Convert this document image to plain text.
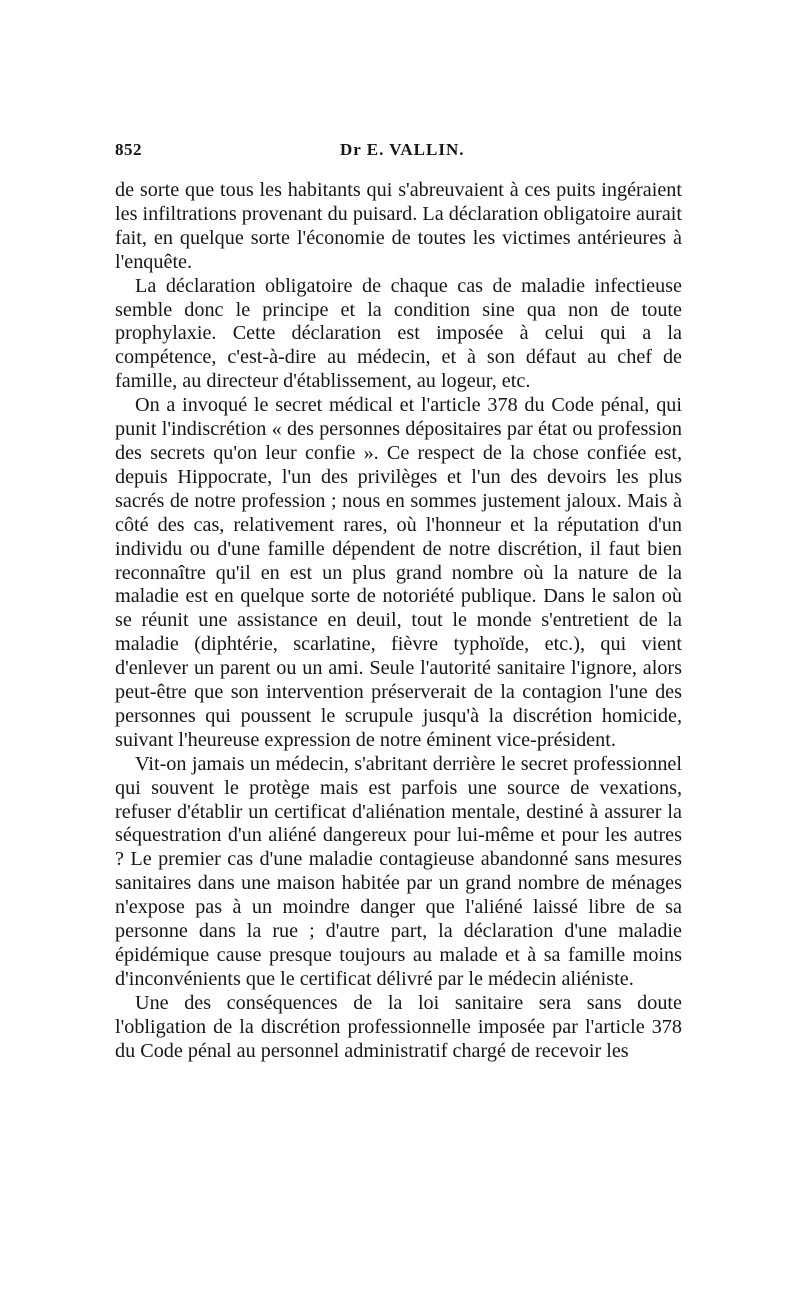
852	Dr E. VALLIN.

de sorte que tous les habitants qui s'abreuvaient à ces puits ingéraient les infiltrations provenant du puisard. La déclaration obligatoire aurait fait, en quelque sorte l'économie de toutes les victimes antérieures à l'enquête.

La déclaration obligatoire de chaque cas de maladie infectieuse semble donc le principe et la condition sine qua non de toute prophylaxie. Cette déclaration est imposée à celui qui a la compétence, c'est-à-dire au médecin, et à son défaut au chef de famille, au directeur d'établissement, au logeur, etc.

On a invoqué le secret médical et l'article 378 du Code pénal, qui punit l'indiscrétion « des personnes dépositaires par état ou profession des secrets qu'on leur confie ». Ce respect de la chose confiée est, depuis Hippocrate, l'un des privilèges et l'un des devoirs les plus sacrés de notre profession ; nous en sommes justement jaloux. Mais à côté des cas, relativement rares, où l'honneur et la réputation d'un individu ou d'une famille dépendent de notre discrétion, il faut bien reconnaître qu'il en est un plus grand nombre où la nature de la maladie est en quelque sorte de notoriété publique. Dans le salon où se réunit une assistance en deuil, tout le monde s'entretient de la maladie (diphtérie, scarlatine, fièvre typhoïde, etc.), qui vient d'enlever un parent ou un ami. Seule l'autorité sanitaire l'ignore, alors peut-être que son intervention préserverait de la contagion l'une des personnes qui poussent le scrupule jusqu'à la discrétion homicide, suivant l'heureuse expression de notre éminent vice-président.

Vit-on jamais un médecin, s'abritant derrière le secret professionnel qui souvent le protège mais est parfois une source de vexations, refuser d'établir un certificat d'aliénation mentale, destiné à assurer la séquestration d'un aliéné dangereux pour lui-même et pour les autres ? Le premier cas d'une maladie contagieuse abandonné sans mesures sanitaires dans une maison habitée par un grand nombre de ménages n'expose pas à un moindre danger que l'aliéné laissé libre de sa personne dans la rue ; d'autre part, la déclaration d'une maladie épidémique cause presque toujours au malade et à sa famille moins d'inconvénients que le certificat délivré par le médecin aliéniste.

Une des conséquences de la loi sanitaire sera sans doute l'obligation de la discrétion professionnelle imposée par l'article 378 du Code pénal au personnel administratif chargé de recevoir les
